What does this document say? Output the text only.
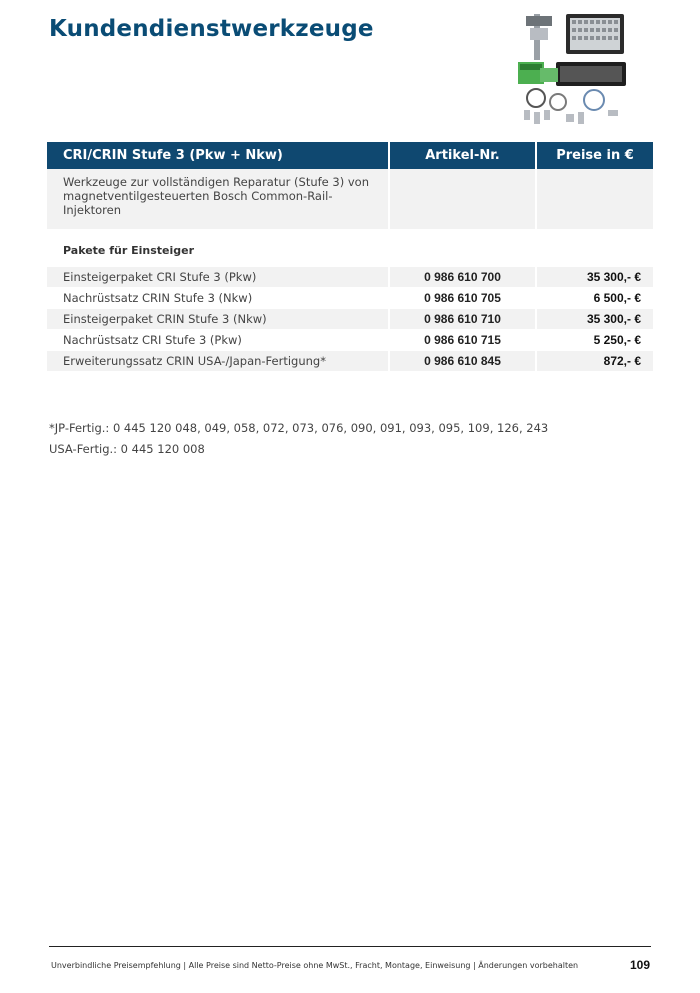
Kundendienstwerkzeuge
CRI/CRIN Stufe 3 (Pkw + Nkw)	Artikel-Nr.	Preise in €
Werkzeuge zur vollständigen Reparatur (Stufe 3) von magnetventilgesteuerten Bosch Common-Rail-Injektoren		
Pakete für Einsteiger		
Einsteigerpaket CRI Stufe 3 (Pkw)	0 986 610 700	35 300,- €
Nachrüstsatz CRIN Stufe 3 (Nkw)	0 986 610 705	6 500,- €
Einsteigerpaket CRIN Stufe 3 (Nkw)	0 986 610 710	35 300,- €
Nachrüstsatz CRI Stufe 3 (Pkw)	0 986 610 715	5 250,- €
Erweiterungssatz CRIN USA-/Japan-Fertigung*	0 986 610 845	872,- €
*JP-Fertig.: 0 445 120 048, 049, 058, 072, 073, 076, 090, 091, 093, 095, 109, 126, 243
USA-Fertig.: 0 445 120 008
Unverbindliche Preisempfehlung | Alle Preise sind Netto-Preise ohne MwSt., Fracht, Montage, Einweisung | Änderungen vorbehalten	109
